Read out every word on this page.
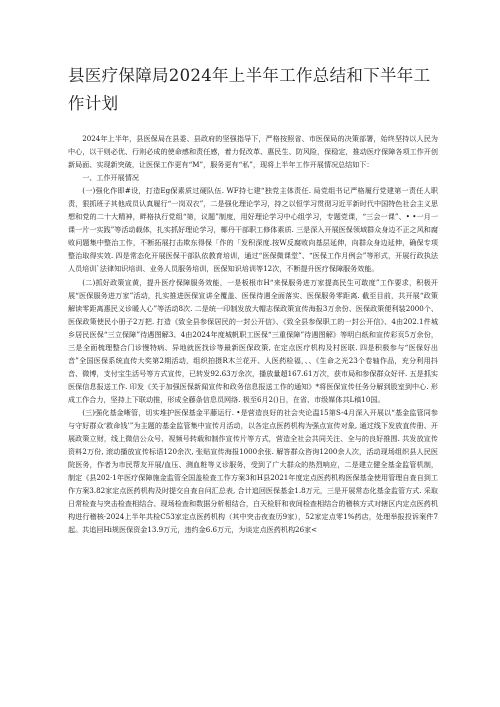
县医疗保障局2024年上半年工作总结和下半年工作计划

2024年上半年，县医保局在县委、县政府的坚强指导下，严格按照省、市医保局的决策部署，始终坚持以人民为中心，以干则必优、行则必成的使命感和责任感，着力促改革、惠民生、防风险，保稳定，推动医疗保障各项工作开创新局面、实现新突破，让医保工作更有“M”，服务更有“私”，现将上半年工作开展情况总结如下：

一、工作开展情况

(一)强化作即#设，打造Eg保素质过硬队伍. WF持七建“独党主体责任. 局党组书记严格履行党建第一责任人职责，狠抓班子其他成员认真履行“一岗双衣”，二是强化理论学习，持之以恒学习贯彻习近平新时代中国特色社会主义思想和党的二十大精神，畔格执行党组“第，议题”制度，用好理论学习中心组学习，专题党课，“三会一课”、• •一月一课一片一实践”等活动载体，扎实抓好理论学习，椰丹干部职工修体素质. 三是深入开展医保领域群众身边不正之风和腐败问题集中整治工作，不断拓展打击欺东得保「作的「发积深度.按W反腐败向基层延伸，向群众身边延伸，确保专项整治取得实效. 四是常态化开展医保干部队依教育培训，通过“医保微课堂”、“医保工作月例会”等形式，开展行政执法人员培训`法律知识培训、业务人员服务培训，医保知识培训等12次，不断提升医疗保障服务效能。

(二)抓好政策宣黄，提升医疗保障服务效能，一是板根市H“来保服务进万家提高民生可敢度”工作要求，积极开展“医保服务进万家”活动，扎实推进医保宣讲全覆盖、医保待遇全面落实、医保服务零距离. 截至目前，共开展“政策解读零距离惠民义诊暖人心”等活动8次. 二是统一印制发放大帽志保政策宣传海报3万余份、医保政策便利装2000个、医保政策使民小册子2万把. 打造《致全县参保居民的一封公开信》、《致全县参保职工的一封公开信》、4由202.1件城乡居民医保“三立保障”待遇图解3、4由2024年度城帆职工医保“三重保障”待遇图解》等明白纸和宣传彩页5万余份，三是全面梳理整合门诊慢特病、异地就医找诊等最新医保政策, 在定点医疗机构及村医联. 四是积极参与“医保好出音”全国医保系统直传大奖第2期活动，组织拍摄R木兰花开、人医药检福，、、《生命之光23个卷轴作品，充分利用抖音、微博，支付宝生活号等方式宣传，已转发92.63万余次，播放量超167.61万次，获市局和参保群众好评. 五是抓实医保信息报送工作. 印发《关于加强医保新闻宣传和政务信息报送工作的通知》*将医保宣传任务分解到股室到中心. 形成工作合力，坚持上下联动推，形成全藤条信息员网络. 极至6月2()日，在省、市级媒体共L稿10国。

(三)强化基金晰管，切实堆护医保基金平藤运行. •是营造良好的社会夹论温15第S-4月深入开展以“基金监管同参与守好群众‘救命钱’”为主题的基金监管集中宣传月活动，以各定点医药机构为强点宣传对象, 通过线下发放直传册、开展政策立财，线上微信公众号、视频号转载和制作宣传片等方式，营造全社会共同关注、全与的良好推围. 共发放宣传资料2万份, 滚动播放宣传标语120余次, 张贴宣传海报1000余张. 解答群众咨询1200余人次，活动现场组织县人民医院医务，作者为市民帮友开展/血压、测血粧等义诊服务，受到了广大群众的热烈响应，二是建立健全基金监管机制，制定《县202·1年医疗保障施金监管全国盖检查工作方案3和H县2021年度定点医药机构医保基金使用管理自查自到工作方案3.82家定点医药机构及时提交自查自问汇总表, 合计追回医保基金1.8万元，三是开展常态化基金监管方式. 采取日常检查与突击检查相结合、现场检查和数据分析相结合，白天检肝和夜间检查相结合的稽核方式对辖区内定点医药机构进行稽核·2024上半年共检C53家定点医药机构（其中突击夜查历9家），52家定点零1%药店，处理举报投诉案件7起。共追回Hi规医保资金13.9万元，违约金6.6万元，为谈定点医药机构26家<
